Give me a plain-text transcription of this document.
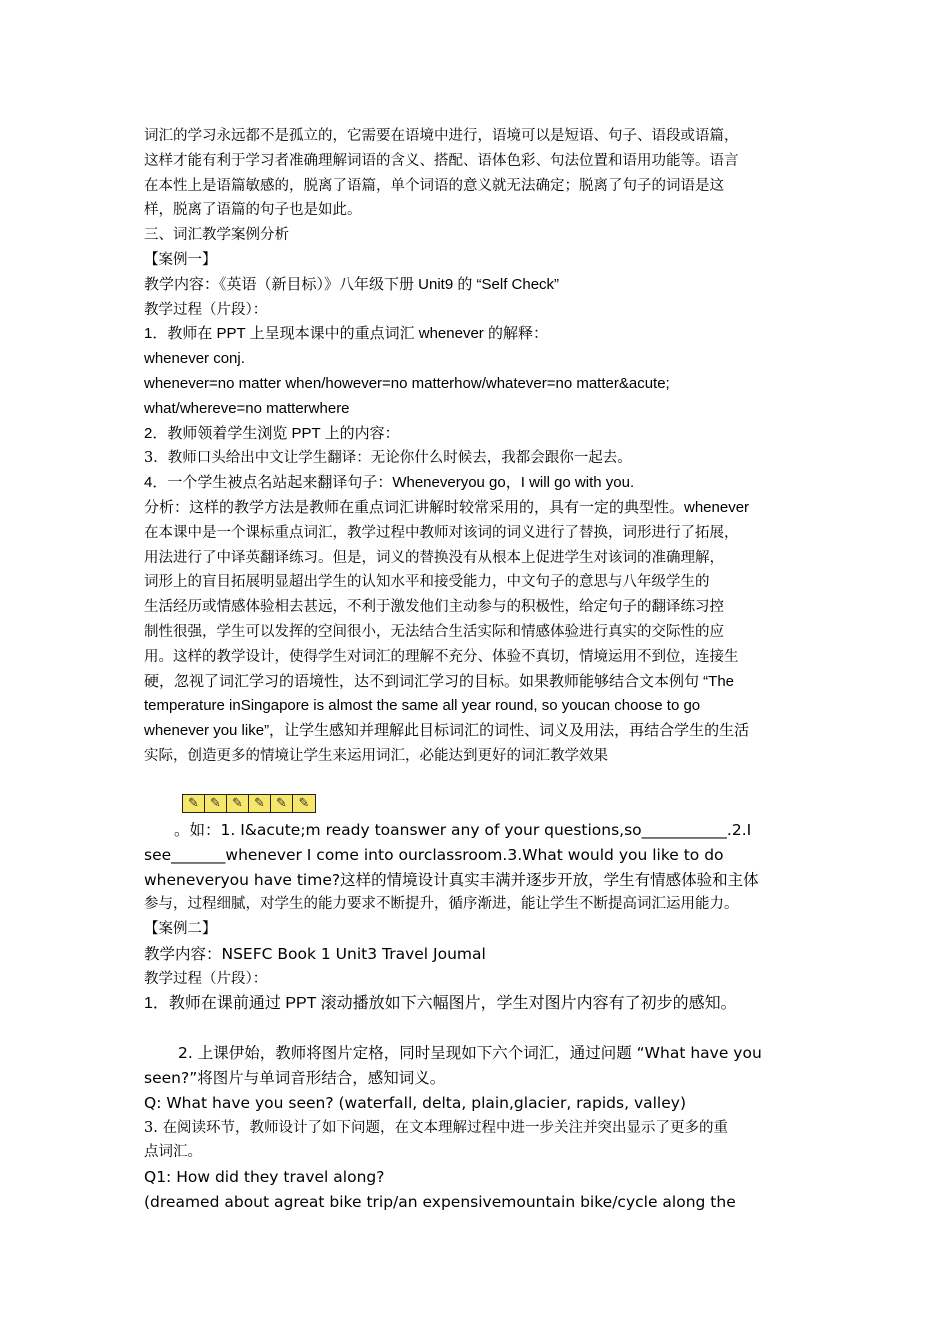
词汇的学习永远都不是孤立的，它需要在语境中进行，语境可以是短语、句子、语段或语篇，
这样才能有利于学习者准确理解词语的含义、搭配、语体色彩、句法位置和语用功能等。语言
在本性上是语篇敏感的，脱离了语篇，单个词语的意义就无法确定；脱离了句子的词语是这
样，脱离了语篇的句子也是如此。
三、词汇教学案例分析
【案例一】
教学内容：《英语（新目标）》八年级下册 Unit9 的 “Self Check”
教学过程（片段）：
1．教师在 PPT 上呈现本课中的重点词汇 whenever 的解释：
whenever conj.
whenever=no matter when/however=no matterhow/whatever=no matter&acute;
what/whereve=no matterwhere
2．教师领着学生浏览 PPT 上的内容：
3．教师口头给出中文让学生翻译：无论你什么时候去，我都会跟你一起去。
4．一个学生被点名站起来翻译句子：Wheneveryou go，I will go with you.
分析：这样的教学方法是教师在重点词汇讲解时较常采用的，具有一定的典型性。whenever
在本课中是一个课标重点词汇，教学过程中教师对该词的词义进行了替换，词形进行了拓展，
用法进行了中译英翻译练习。但是，词义的替换没有从根本上促进学生对该词的准确理解，
词形上的盲目拓展明显超出学生的认知水平和接受能力，中文句子的意思与八年级学生的
生活经历或情感体验相去甚远，不利于激发他们主动参与的积极性，给定句子的翻译练习控
制性很强，学生可以发挥的空间很小，无法结合生活实际和情感体验进行真实的交际性的应
用。这样的教学设计，使得学生对词汇的理解不充分、体验不真切，情境运用不到位，连接生
硬，忽视了词汇学习的语境性，达不到词汇学习的目标。如果教师能够结合文本例句 “The
temperature inSingapore is almost the same all year round, so youcan choose to go
whenever you like”，让学生感知并理解此目标词汇的词性、词义及用法，再结合学生的生活
实际，创造更多的情境让学生来运用词汇，必能达到更好的词汇教学效果
✎ ✎ ✎ ✎ ✎ ✎
。如：1. I&acute;m ready toanswer any of your questions,so___________.2.I
see_______whenever I come into ourclassroom.3.What would you like to do
wheneveryou have time?这样的情境设计真实丰满并逐步开放，学生有情感体验和主体
参与，过程细腻，对学生的能力要求不断提升，循序渐进，能让学生不断提高词汇运用能力。
【案例二】
教学内容：NSEFC Book 1 Unit3 Travel Joumal
教学过程（片段）：
1．教师在课前通过 PPT 滚动播放如下六幅图片，学生对图片内容有了初步的感知。
2. 上课伊始，教师将图片定格，同时呈现如下六个词汇，通过问题 “What have you
seen?”将图片与单词音形结合，感知词义。
Q: What have you seen? (waterfall, delta, plain,glacier, rapids, valley)
3. 在阅读环节，教师设计了如下问题，在文本理解过程中进一步关注并突出显示了更多的重
点词汇。
Q1: How did they travel along?
(dreamed about agreat bike trip/an expensivemountain bike/cycle along the
